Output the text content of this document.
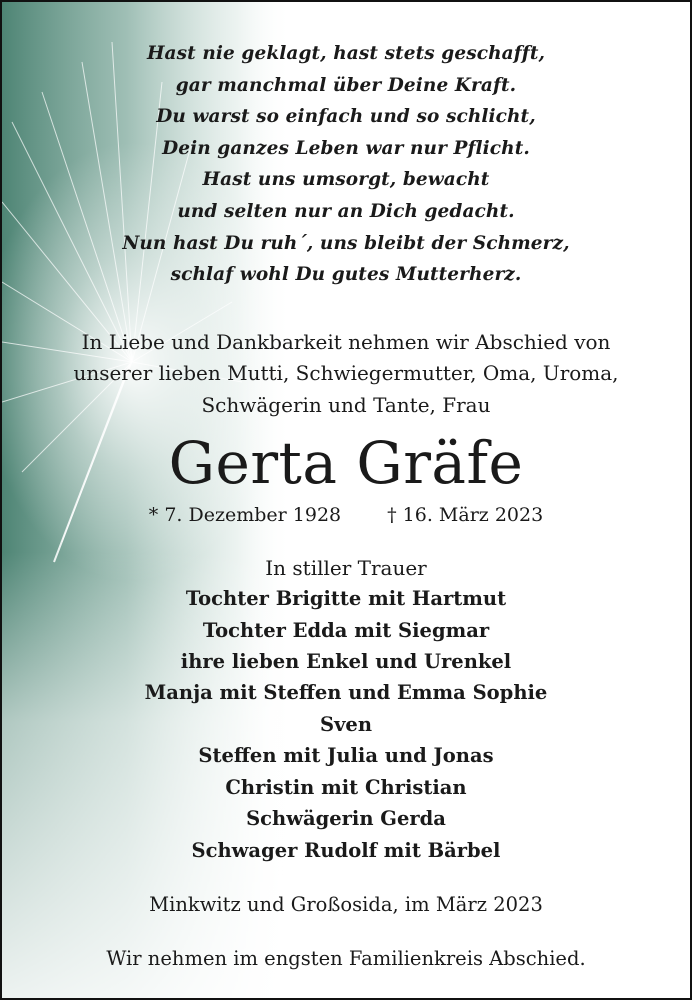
Hast nie geklagt, hast stets geschafft,
gar manchmal über Deine Kraft.
Du warst so einfach und so schlicht,
Dein ganzes Leben war nur Pflicht.
Hast uns umsorgt, bewacht
und selten nur an Dich gedacht.
Nun hast Du ruh´, uns bleibt der Schmerz,
schlaf wohl Du gutes Mutterherz.
In Liebe und Dankbarkeit nehmen wir Abschied von
unserer lieben Mutti, Schwiegermutter, Oma, Uroma,
Schwägerin und Tante, Frau
Gerta Gräfe
* 7. Dezember 1928 † 16. März 2023
In stiller Trauer
Tochter Brigitte mit Hartmut
Tochter Edda mit Siegmar
ihre lieben Enkel und Urenkel
Manja mit Steffen und Emma Sophie
Sven
Steffen mit Julia und Jonas
Christin mit Christian
Schwägerin Gerda
Schwager Rudolf mit Bärbel
Minkwitz und Großosida, im März 2023
Wir nehmen im engsten Familienkreis Abschied.
